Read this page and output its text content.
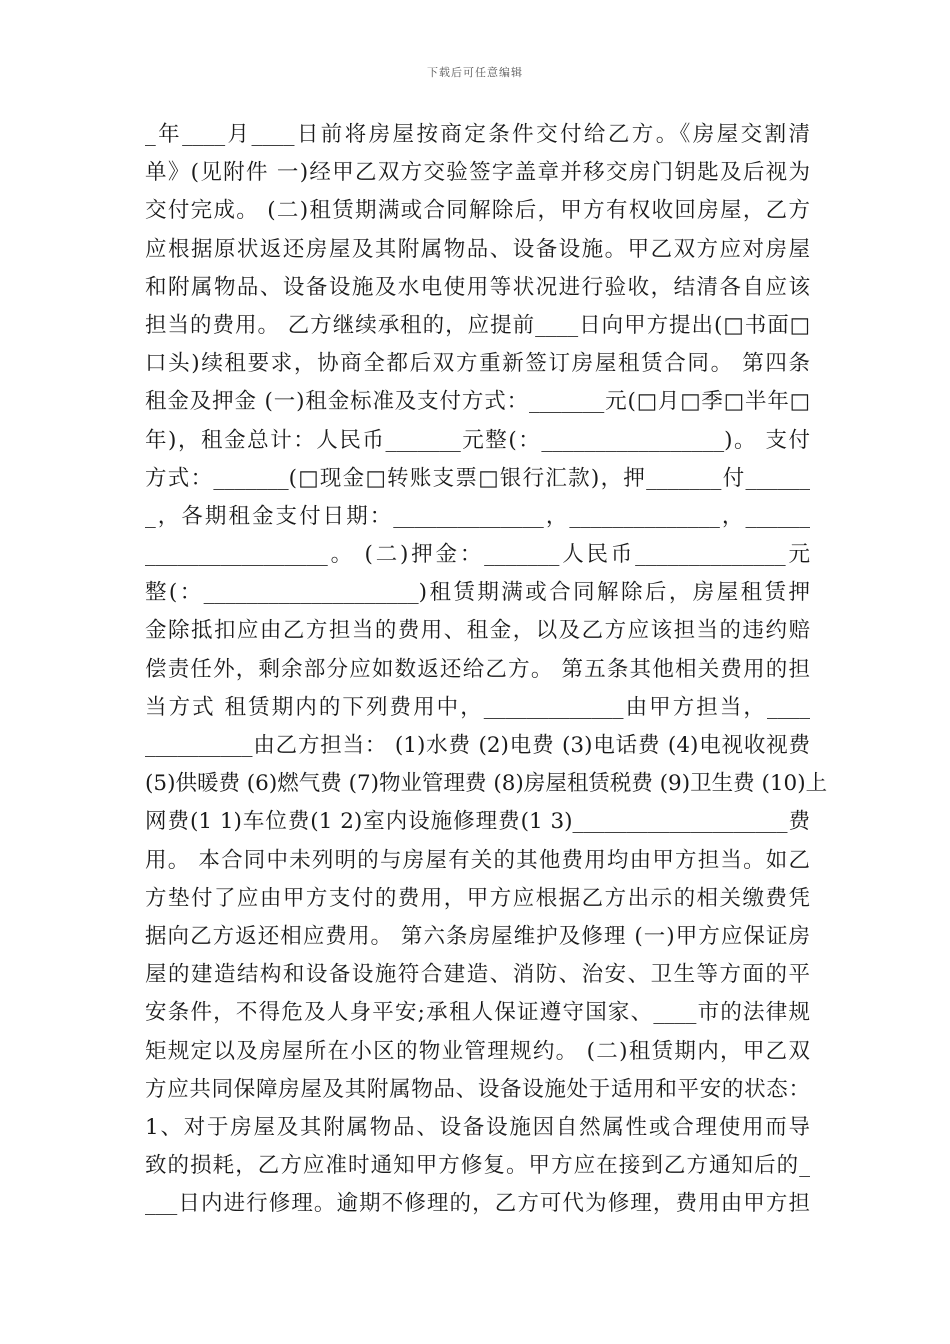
下载后可任意编辑
_年____月____日前将房屋按商定条件交付给乙方。《房屋交割清
单》(见附件 一)经甲乙双方交验签字盖章并移交房门钥匙及后视为
交付完成。 (二)租赁期满或合同解除后，甲方有权收回房屋，乙方
应根据原状返还房屋及其附属物品、设备设施。甲乙双方应对房屋
和附属物品、设备设施及水电使用等状况进行验收，结清各自应该
担当的费用。 乙方继续承租的，应提前____日向甲方提出(□书面□
口头)续租要求，协商全都后双方重新签订房屋租赁合同。 第四条
租金及押金 (一)租金标准及支付方式：_______元(□月□季□半年□
年)，租金总计：人民币_______元整(：_________________)。 支付
方式：_______(□现金□转账支票□银行汇款)，押_______付______
_，各期租金支付日期：______________，______________，______
_________________。 (二)押金：_______人民币______________元
整(：____________________)租赁期满或合同解除后，房屋租赁押
金除抵扣应由乙方担当的费用、租金，以及乙方应该担当的违约赔
偿责任外，剩余部分应如数返还给乙方。 第五条其他相关费用的担
当方式 租赁期内的下列费用中，_____________由甲方担当，____
__________由乙方担当： (1)水费 (2)电费 (3)电话费 (4)电视收视费
(5)供暖费 (6)燃气费 (7)物业管理费 (8)房屋租赁税费 (9)卫生费 (10)上
网费(1 1)车位费(1 2)室内设施修理费(1 3)____________________费
用。 本合同中未列明的与房屋有关的其他费用均由甲方担当。如乙
方垫付了应由甲方支付的费用，甲方应根据乙方出示的相关缴费凭
据向乙方返还相应费用。 第六条房屋维护及修理 (一)甲方应保证房
屋的建造结构和设备设施符合建造、消防、治安、卫生等方面的平
安条件，不得危及人身平安;承租人保证遵守国家、____市的法律规
矩规定以及房屋所在小区的物业管理规约。 (二)租赁期内，甲乙双
方应共同保障房屋及其附属物品、设备设施处于适用和平安的状态：
1、对于房屋及其附属物品、设备设施因自然属性或合理使用而导
致的损耗，乙方应准时通知甲方修复。甲方应在接到乙方通知后的_
___日内进行修理。逾期不修理的，乙方可代为修理，费用由甲方担
